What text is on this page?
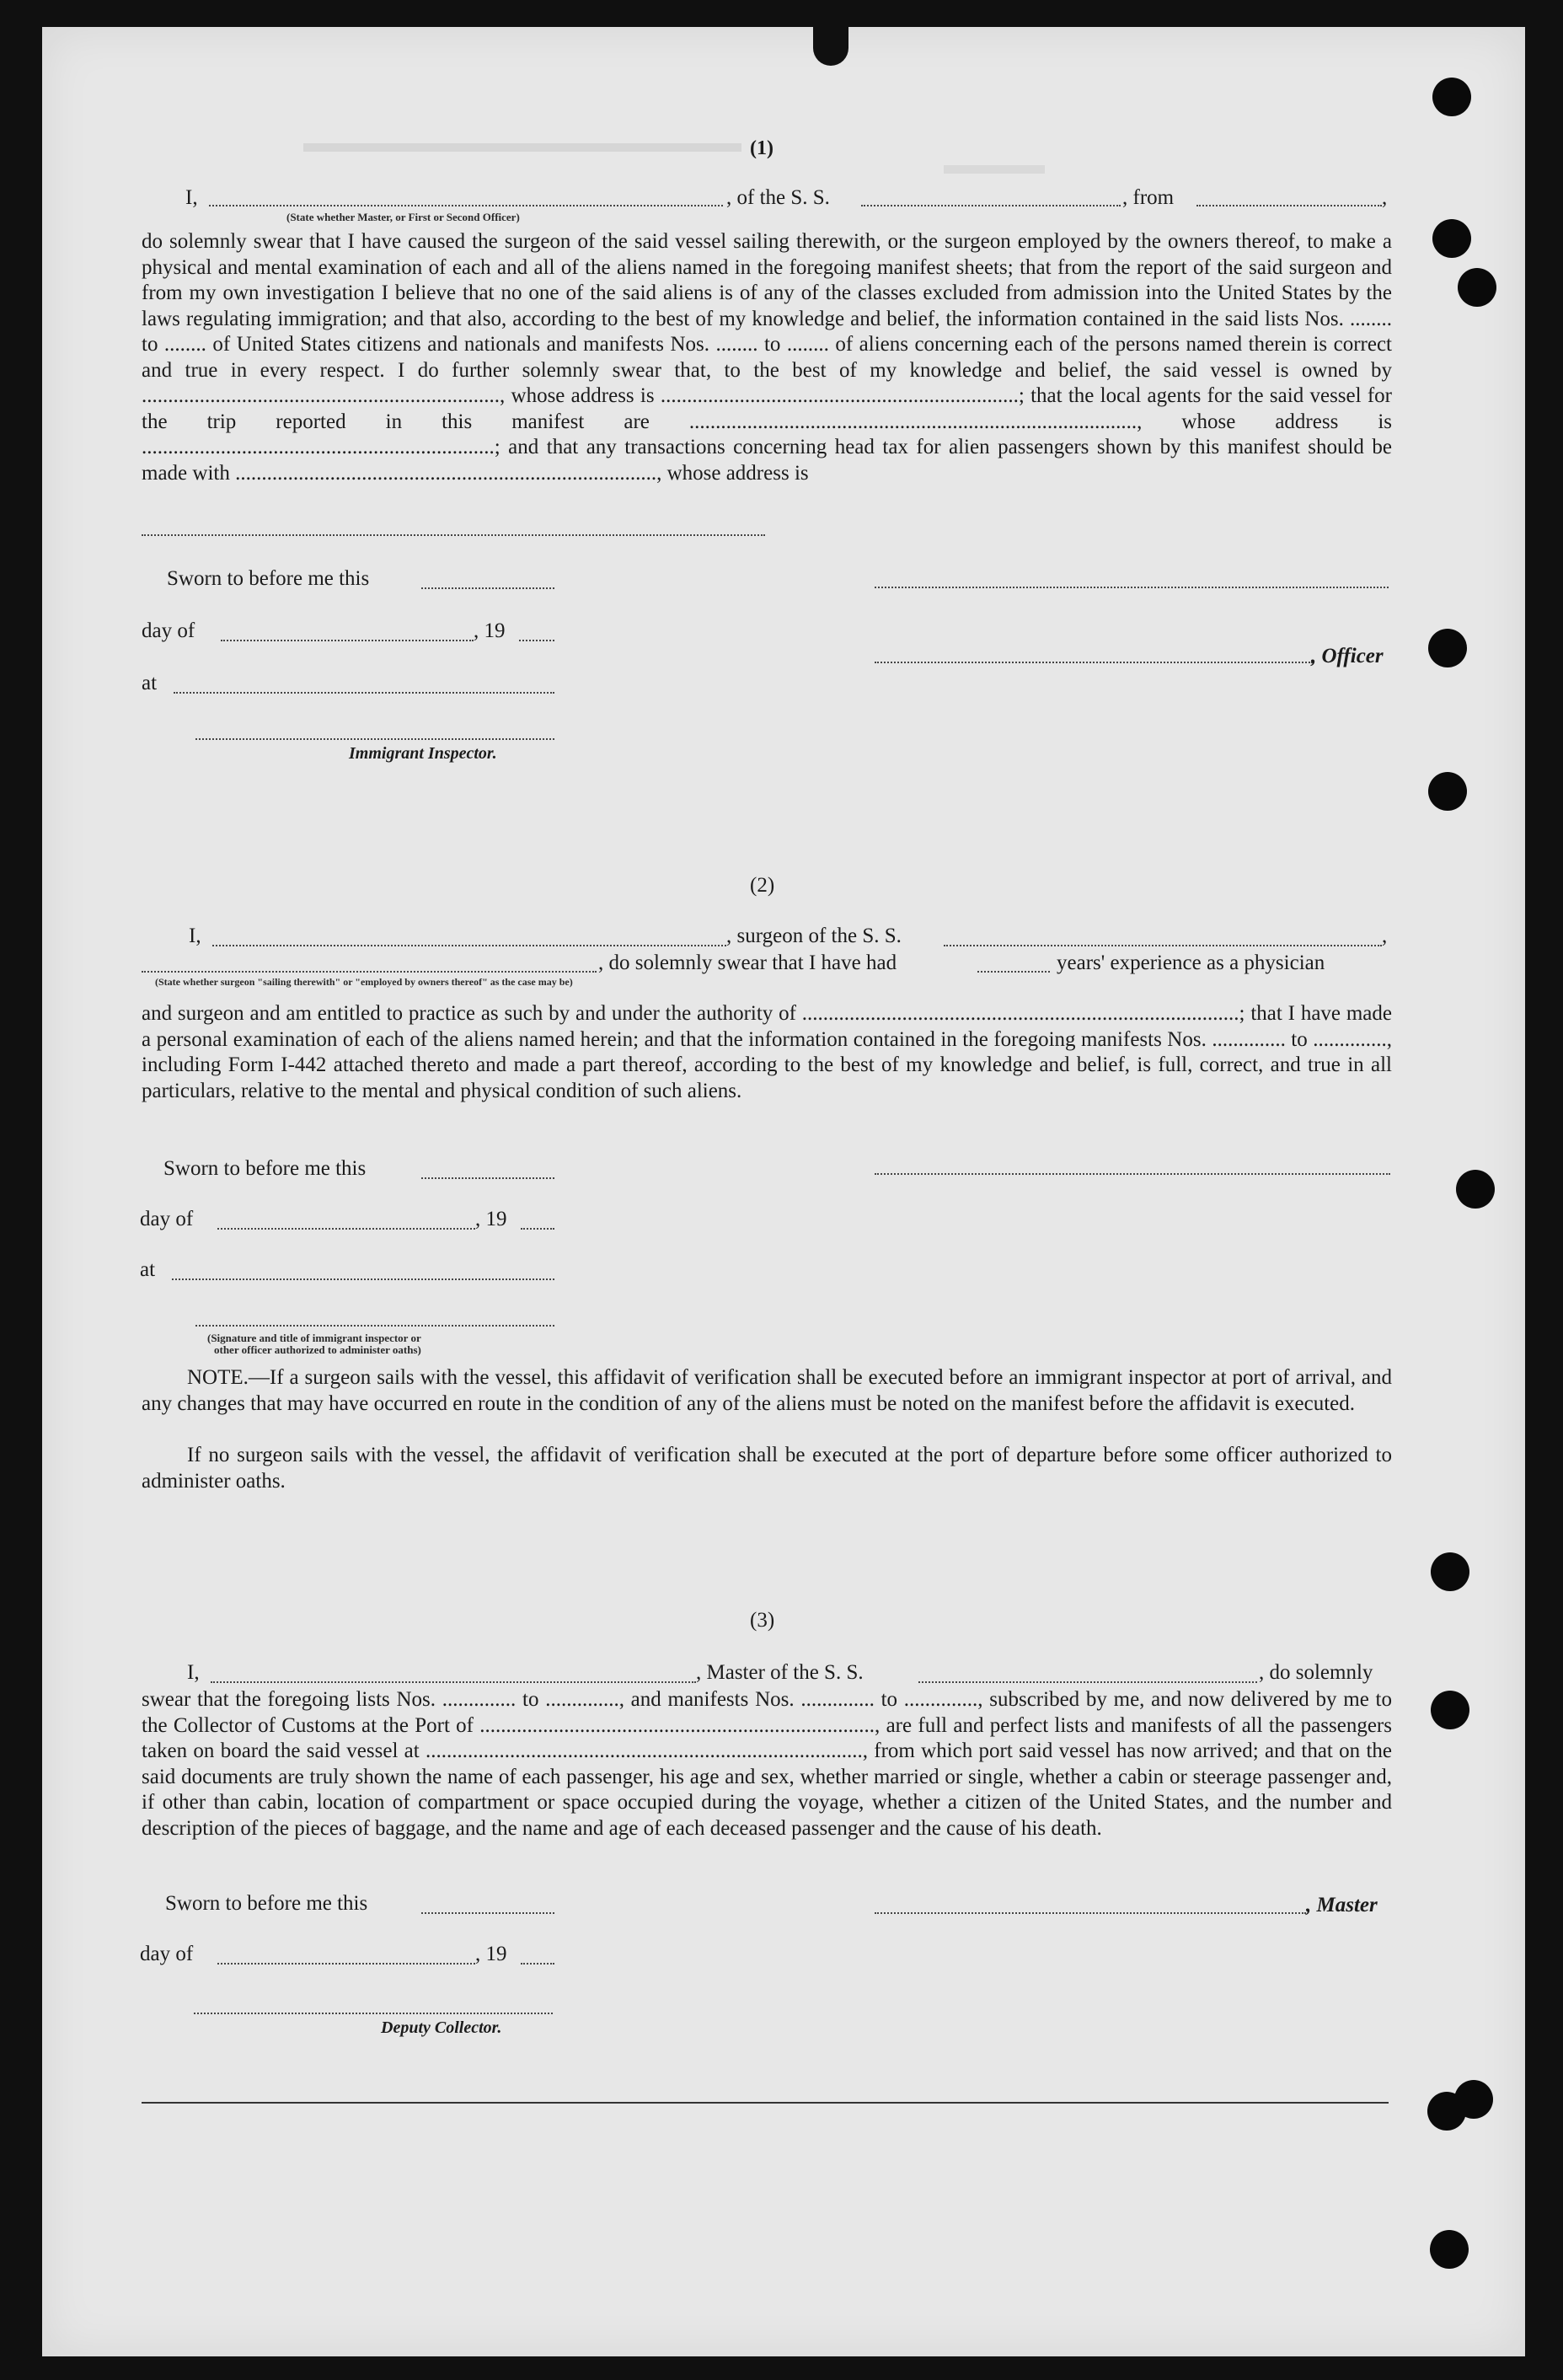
(1)
I,	, of the S. S.	, from	,
(State whether Master, or First or Second Officer)
do solemnly swear that I have caused the surgeon of the said vessel sailing therewith, or the surgeon employed by the owners thereof, to make a physical and mental examination of each and all of the aliens named in the foregoing manifest sheets; that from the report of the said surgeon and from my own investigation I believe that no one of the said aliens is of any of the classes excluded from admission into the United States by the laws regulating immigration; and that also, according to the best of my knowledge and belief, the information contained in the said lists Nos. ........ to ........ of United States citizens and nationals and manifests Nos. ........ to ........ of aliens concerning each of the persons named therein is correct and true in every respect. I do further solemnly swear that, to the best of my knowledge and belief, the said vessel is owned by ...................................................................., whose address is ....................................................................; that the local agents for the said vessel for the trip reported in this manifest are ....................................................................................., whose address is ...................................................................; and that any transactions concerning head tax for alien passengers shown by this manifest should be made with ................................................................................, whose address is
Sworn to before me this
day of	, 19
, Officer
at
Immigrant Inspector.
(2)
I,	, surgeon of the S. S.	,
, do solemnly swear that I have had	years' experience as a physician
(State whether surgeon "sailing therewith" or "employed by owners thereof" as the case may be)
and surgeon and am entitled to practice as such by and under the authority of ...................................................................................; that I have made a personal examination of each of the aliens named herein; and that the information contained in the foregoing manifests Nos. .............. to .............., including Form I-442 attached thereto and made a part thereof, according to the best of my knowledge and belief, is full, correct, and true in all particulars, relative to the mental and physical condition of such aliens.
Sworn to before me this
day of	, 19
at
(Signature and title of immigrant inspector or
other officer authorized to administer oaths)
NOTE.—If a surgeon sails with the vessel, this affidavit of verification shall be executed before an immigrant inspector at port of arrival, and any changes that may have occurred en route in the condition of any of the aliens must be noted on the manifest before the affidavit is executed.
If no surgeon sails with the vessel, the affidavit of verification shall be executed at the port of departure before some officer authorized to administer oaths.
(3)
I,	, Master of the S. S.	, do solemnly
swear that the foregoing lists Nos. .............. to .............., and manifests Nos. .............. to .............., subscribed by me, and now delivered by me to the Collector of Customs at the Port of ..........................................................................., are full and perfect lists and manifests of all the passengers taken on board the said vessel at ..................................................................................., from which port said vessel has now arrived; and that on the said documents are truly shown the name of each passenger, his age and sex, whether married or single, whether a cabin or steerage passenger and, if other than cabin, location of compartment or space occupied during the voyage, whether a citizen of the United States, and the number and description of the pieces of baggage, and the name and age of each deceased passenger and the cause of his death.
Sworn to before me this	, Master
day of	, 19
Deputy Collector.
